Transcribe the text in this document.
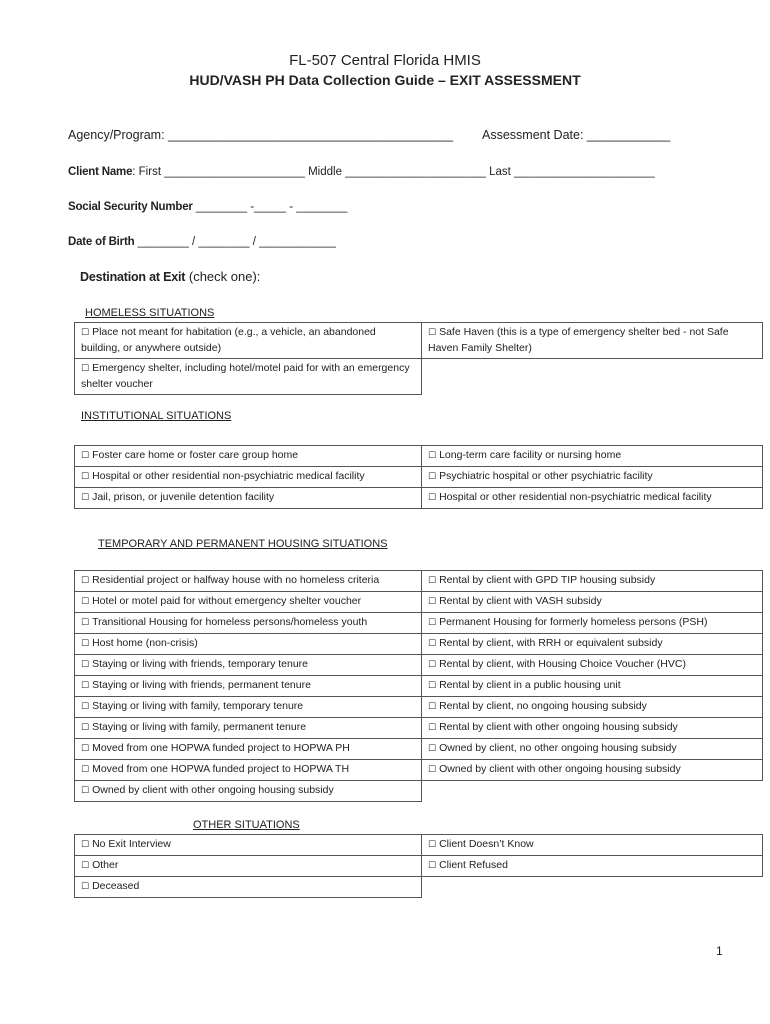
FL-507 Central Florida HMIS
HUD/VASH PH Data Collection Guide – EXIT ASSESSMENT
Agency/Program: _________________________________________ Assessment Date: ____________
Client Name: First ______________________ Middle ______________________ Last ______________________
Social Security Number ________ -_____ - ________
Date of Birth ________ / ________ / ____________
Destination at Exit (check one):
HOMELESS SITUATIONS
☐ Place not meant for habitation (e.g., a vehicle, an abandoned building, or anywhere outside)	☐ Safe Haven (this is a type of emergency shelter bed - not Safe Haven Family Shelter)
☐ Emergency shelter, including hotel/motel paid for with an emergency shelter voucher	
INSTITUTIONAL SITUATIONS
☐ Foster care home or foster care group home	☐ Long-term care facility or nursing home
☐ Hospital or other residential non-psychiatric medical facility	☐ Psychiatric hospital or other psychiatric facility
☐ Jail, prison, or juvenile detention facility	☐ Hospital or other residential non-psychiatric medical facility
TEMPORARY AND PERMANENT HOUSING SITUATIONS
☐ Residential project or halfway house with no homeless criteria	☐ Rental by client with GPD TIP housing subsidy
☐ Hotel or motel paid for without emergency shelter voucher	☐ Rental by client with VASH subsidy
☐ Transitional Housing for homeless persons/homeless youth	☐ Permanent Housing for formerly homeless persons (PSH)
☐ Host home (non-crisis)	☐ Rental by client, with RRH or equivalent subsidy
☐ Staying or living with friends, temporary tenure	☐ Rental by client, with Housing Choice Voucher (HVC)
☐ Staying or living with friends, permanent tenure	☐ Rental by client in a public housing unit
☐ Staying or living with family, temporary tenure	☐ Rental by client, no ongoing housing subsidy
☐ Staying or living with family, permanent tenure	☐ Rental by client with other ongoing housing subsidy
☐ Moved from one HOPWA funded project to HOPWA PH	☐ Owned by client, no other ongoing housing subsidy
☐ Moved from one HOPWA funded project to HOPWA TH	☐ Owned by client with other ongoing housing subsidy
☐ Owned by client with other ongoing housing subsidy	
OTHER SITUATIONS
☐ No Exit Interview	☐ Client Doesn’t Know
☐ Other	☐ Client Refused
☐ Deceased	
1
